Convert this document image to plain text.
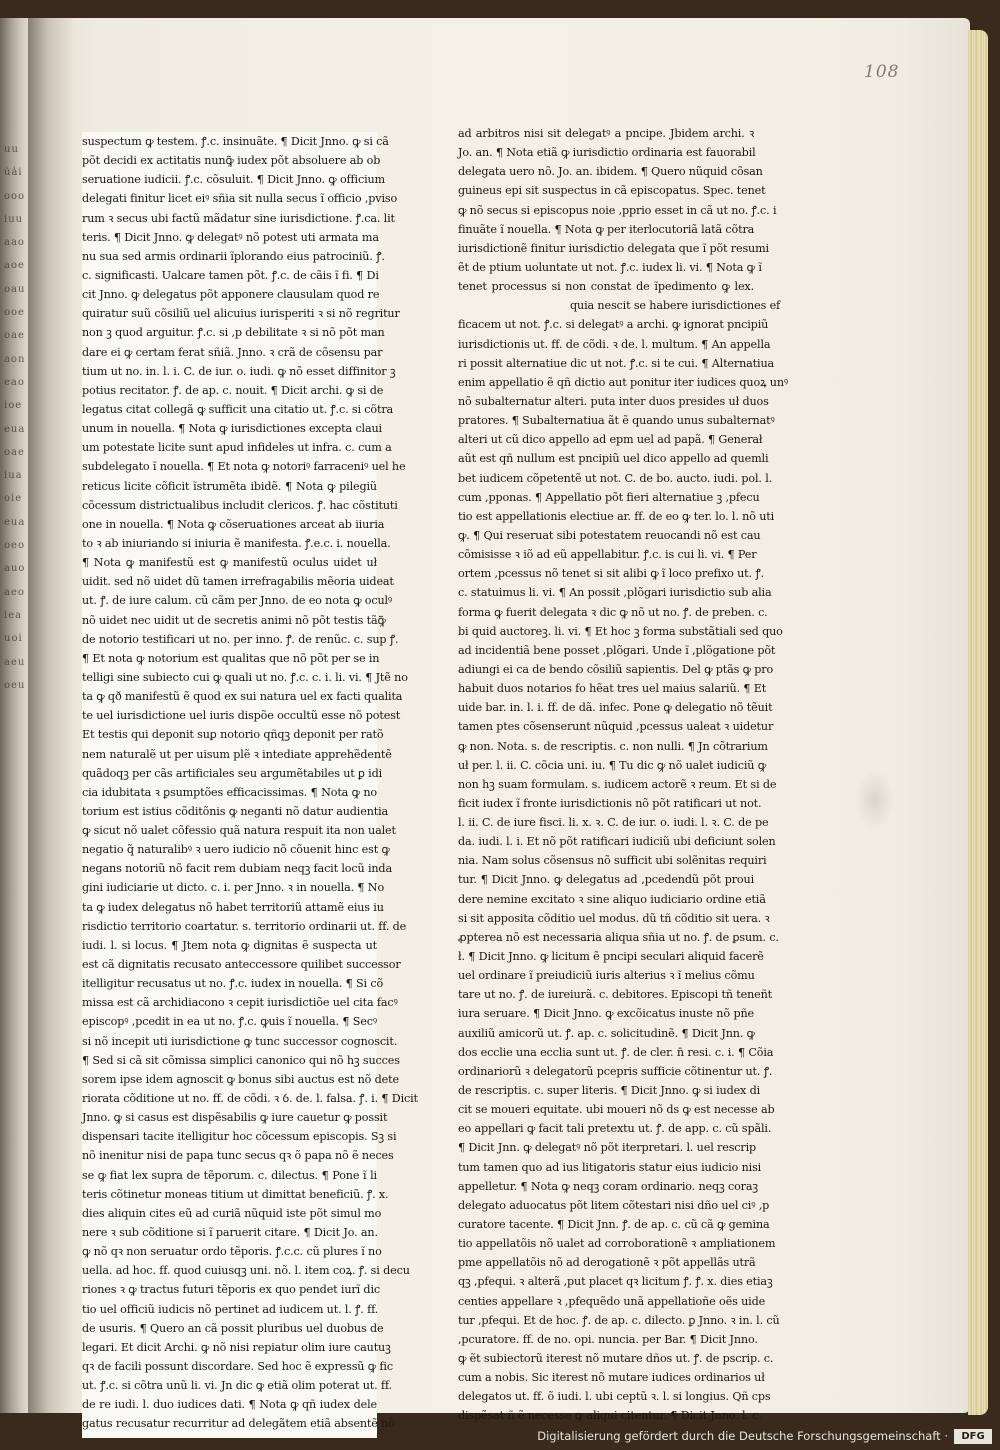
uuu̾a̾ioooiuuaaoaoeoauooeoaeaoneaoioeeuaoaeiuaoieeuaoeoauoaeoieauoiaeuoeu
108
suspectum ꝙ testem. ꝭ.c. insinuãte. ¶ Dicit Jnno. ꝙ si cã
põt decidi ex actitatis nunꝙ̃ iudex põt absoluere ab ob
seruatione iudicii. ꝭ.c. cõsuluit. ¶ Dicit Jnno. ꝙ officium
delegati finitur licet eiꝰ sñia sit nulla secus ĩ officio ,pviso
rum ꝛ secus ubi factũ mãdatur sine iurisdictione. ꝭ.ca. lit
teris. ¶ Dicit Jnno. ꝙ delegatꝰ nõ potest uti armata ma
nu sua sed armis ordinarii ĩplorando eius patrociniũ. ꝭ.
c. significasti. Ualcare tamen põt. ꝭ.c. de cãis ĩ fi. ¶ Di
cit Jnno. ꝙ delegatus põt apponere clausulam quod re
quiratur suũ cõsiliũ uel alicuius iurisperiti ꝛ si nõ regritur
non ꝫ quod arguitur. ꝭ.c. si ,p debilitate ꝛ si nõ põt man
dare ei ꝙ certam ferat sñiã. Jnno. ꝛ crã de cõsensu par
tium ut no. in. l. i. C. de iur. o. iudi. ꝙ nõ esset diffinitor ꝫ
potius recitator. ꝭ. de ap. c. nouit. ¶ Dicit archi. ꝙ si de
legatus citat collegã ꝙ sufficit una citatio ut. ꝭ.c. si cõtra
unum in nouella. ¶ Nota ꝙ iurisdictiones excepta claui
um potestate licite sunt apud infideles ut infra. c. cum a
subdelegato ĩ nouella. ¶ Et nota ꝙ notoriꝰ farraceniꝰ uel he
reticus licite cõficit ĩstrumẽta ibidẽ. ¶ Nota ꝙ pilegiũ
cõcessum districtualibus includit clericos. ꝭ. hac cõstituti
one in nouella. ¶ Nota ꝙ cõseruationes arceat ab iiuria
to ꝛ ab iniuriando si iniuria ẽ manifesta. ꝭ.e.c. i. nouella.
¶ Nota ꝙ manifestũ est ꝙ manifestũ oculus uidet uł
uidit. sed nõ uidet dũ tamen irrefragabilis mẽoria uideat
ut. ꝭ. de iure calum. cũ cãm per Jnno. de eo nota ꝙ oculꝰ
nõ uidet nec uidit ut de secretis animi nõ põt testis tãꝙ̃
de notorio testificari ut no. per inno. ꝭ. de renũc. c. sup ꝭ.
¶ Et nota ꝙ notorium est qualitas que nõ põt per se in
telligi sine subiecto cui ꝙ quali ut no. ꝭ.c. c. i. li. vi. ¶ Jtẽ no
ta ꝙ qð manifestũ ẽ quod ex sui natura uel ex facti qualita
te uel iurisdictione uel iuris dispõe occultũ esse nõ potest
Et testis qui deponit suꝑ notorio qñqꝫ deponit per ratõ
nem naturalẽ ut per uisum plẽ ꝛ intediate apprehẽdentẽ
quãdoqꝫ per cãs artificiales seu argumẽtabiles ut ꝑ idi
cia idubitata ꝛ ꝑsumptões efficacissimas. ¶ Nota ꝙ no
torium est istius cõditõnis ꝙ neganti nõ datur audientia
ꝙ sicut nõ ualet cõfessio quã natura respuit ita non ualet
negatio q̃ naturalibꝰ ꝛ uero iudicio nõ cõuenit hinc est ꝙ
negans notoriũ nõ facit rem dubiam neqꝫ facit locũ inda
gini iudiciarie ut dicto. c. i. per Jnno. ꝛ in nouella. ¶ No
ta ꝙ iudex delegatus nõ habet territoriũ attamẽ eius iu
risdictio territorio coartatur. s. territorio ordinarii ut. ff. de
iudi. l. si locus. ¶ Jtem nota ꝙ dignitas ẽ suspecta ut
est cã dignitatis recusato anteccessore quilibet successor
itelligitur recusatus ut no. ꝭ.c. iudex in nouella. ¶ Si cõ
missa est cã archidiacono ꝛ cepit iurisdictiõe uel cita facꝰ
episcopꝰ ,pcedit in ea ut no. ꝭ.c. ꝙuis ĩ nouella. ¶ Secꝰ
si nõ incepit uti iurisdictione ꝙ tunc successor cognoscit.
¶ Sed si cã sit cõmissa simplici canonico qui nõ hꝫ succes
sorem ipse idem agnoscit ꝙ bonus sibi auctus est nõ dete
riorata cõditione ut no. ff. de cõdi. ꝛ ỽ. de. l. falsa. ꝭ. i. ¶ Dicit
Jnno. ꝙ si casus est dispẽsabilis ꝙ iure cauetur ꝙ possit
dispensari tacite itelligitur hoc cõcessum episcopis. Sꝫ si
nõ inenitur nisi de papa tunc secus qꝛ õ papa nõ ẽ neces
se ꝙ fiat lex supra de tẽporum. c. dilectus. ¶ Pone ĩ li
teris cõtinetur moneas titium ut dimittat beneficiũ. ꝭ. x.
dies aliquin cites eũ ad curiã nũquid iste põt simul mo
nere ꝛ sub cõditione si ĩ paruerit citare. ¶ Dicit Jo. an.
ꝙ nõ qꝛ non seruatur ordo tẽporis. ꝭ.c.c. cũ plures ĩ no
uella. ad hoc. ff. quod cuiusqꝫ uni. nõ. l. item coꝝ. ꝭ. si decu
riones ꝛ ꝙ tractus futuri tẽporis ex quo pendet iurĩ dic
tio uel officiũ iudicis nõ pertinet ad iudicem ut. l. ꝭ. ff.
de usuris. ¶ Quero an cã possit pluribus uel duobus de
legari. Et dicit Archi. ꝙ nõ nisi repiatur olim iure cautuꝫ
qꝛ de facili possunt discordare. Sed hoc ẽ expressũ ꝙ fic
ut. ꝭ.c. si cõtra unũ li. vi. Jn dic ꝙ etiã olim poterat ut. ff.
de re iudi. l. duo iudices dati. ¶ Nota ꝙ qñ iudex dele
gatus recusatur recurritur ad delegãtem etiã absentẽ nõ
ad arbitros nisi sit delegatꝰ a pncipe. Jbidem archi. ꝛ
Jo. an. ¶ Nota etiã ꝙ iurisdictio ordinaria est fauorabil
delegata uero nõ. Jo. an. ibidem. ¶ Quero nũquid cõsan
guineus epi sit suspectus in cã episcopatus. Spec. tenet
ꝙ nõ secus si episcopus noie ,pprio esset in cã ut no. ꝭ.c. i
finuãte ĩ nouella. ¶ Nota ꝙ per iterlocutoriã latã cõtra
iurisdictionẽ finitur iurisdictio delegata que ĩ põt resumi
ẽt de ptium uoluntate ut not. ꝭ.c. iudex li. vi. ¶ Nota ꝙ ĩ
tenet processus si non constat de ĩpedimento ꝙ lex.
quia nescit se habere iurisdictiones ef
ficacem ut not. ꝭ.c. si delegatꝰ a archi. ꝙ ignorat pncipiũ
iurisdictionis ut. ff. de cõdi. ꝛ de. l. multum. ¶ An appella
ri possit alternatiue dic ut not. ꝭ.c. si te cui. ¶ Alternatiua
enim appellatio ẽ qñ dictio aut ponitur iter iudices quoꝝ unꝰ
nõ subalternatur alteri. puta inter duos presides uł duos
pratores. ¶ Subalternatiua ãt ẽ quando unus subalternatꝰ
alteri ut cũ dico appello ad epm uel ad papã. ¶ Generał
aũt est qñ nullum est pncipiũ uel dico appello ad quemli
bet iudicem cõpetentẽ ut not. C. de bo. aucto. iudi. pol. l.
cum ,pponas. ¶ Appellatio põt fieri alternatiue ꝫ ,pfecu
tio est appellationis electiue ar. ff. de eo ꝙ ter. lo. l. nõ uti
ꝙ. ¶ Qui reseruat sibi potestatem reuocandi nõ est cau
cõmisisse ꝛ iõ ad eũ appellabitur. ꝭ.c. is cui li. vi. ¶ Per
ortem ,pcessus nõ tenet si sit alibi ꝙ ĩ loco prefixo ut. ꝭ.
c. statuimus li. vi. ¶ An possit ,plõgari iurisdictio sub alia
forma ꝙ fuerit delegata ꝛ dic ꝙ nõ ut no. ꝭ. de preben. c.
bi quid auctoreꝫ. li. vi. ¶ Et hoc ꝫ forma substãtiali sed quo
ad incidentiã bene posset ,plõgari. Unde ĩ ,plõgatione põt
adiungi ei ca de bendo cõsiliũ sapientis. Del ꝙ ptãs ꝙ pro
habuit duos notarios fo hẽat tres uel maius salariũ. ¶ Et
uide bar. in. l. i. ff. de dã. infec. Pone ꝙ delegatio nõ tẽuit
tamen ptes cõsenserunt nũquid ,pcessus ualeat ꝛ uidetur
ꝙ non. Nota. s. de rescriptis. c. non nulli. ¶ Jn cõtrarium
uł per. l. ii. C. cõcia uni. iu. ¶ Tu dic ꝙ nõ ualet iudiciũ ꝙ
non hꝫ suam formulam. s. iudicem actorẽ ꝛ reum. Et si de
ficit iudex ĩ fronte iurisdictionis nõ põt ratificari ut not.
l. ii. C. de iure fisci. li. x. ꝛ. C. de iur. o. iudi. l. ꝛ. C. de pe
da. iudi. l. i. Et nõ põt ratificari iudiciũ ubi deficiunt solen
nia. Nam solus cõsensus nõ sufficit ubi solẽnitas requiri
tur. ¶ Dicit Jnno. ꝙ delegatus ad ,pcedendũ põt proui
dere nemine excitato ꝛ sine aliquo iudiciario ordine etiã
si sit apposita cõditio uel modus. dũ tñ cõditio sit uera. ꝛ
ꝓpterea nõ est necessaria aliqua sñia ut no. ꝭ. de ꝑsum. c.
ł. ¶ Dicit Jnno. ꝙ licitum ẽ pncipi seculari aliquid facerẽ
uel ordinare ĩ preiudiciũ iuris alterius ꝛ ĩ melius cõmu
tare ut no. ꝭ. de iureiurã. c. debitores. Episcopi tñ teneñt
iura seruare. ¶ Dicit Jnno. ꝙ excõicatus inuste nõ pñe
auxiliũ amicorũ ut. ꝭ. ap. c. solicitudinẽ. ¶ Dicit Jnn. ꝙ
dos ecclie una ecclia sunt ut. ꝭ. de cler. n̄ resi. c. i. ¶ Cõia
ordinariorũ ꝛ delegatorũ pcepris sufficie cõtinentur ut. ꝭ.
de rescriptis. c. super literis. ¶ Dicit Jnno. ꝙ si iudex di
cit se moueri equitate. ubi moueri nõ ds ꝙ est necesse ab
eo appellari ꝙ facit tali pretextu ut. ꝭ. de app. c. cũ spãli.
¶ Dicit Jnn. ꝙ delegatꝰ nõ põt iterpretari. l. uel rescrip
tum tamen quo ad ius litigatoris statur eius iudicio nisi
appelletur. ¶ Nota ꝙ neqꝫ coram ordinario. neqꝫ coraꝫ
delegato aduocatus põt litem cõtestari nisi dño uel ciꝰ ,p
curatore tacente. ¶ Dicit Jnn. ꝭ. de ap. c. cũ cã ꝙ gemina
tio appellatõis nõ ualet ad corroborationẽ ꝛ ampliationem
pme appellatõis nõ ad derogationẽ ꝛ põt appellãs utrã
qꝫ ,pfequi. ꝛ alterã ,put placet qꝛ licitum ꝭ. ꝭ. x. dies etiaꝫ
centies appellare ꝛ ,pfequẽdo unã appellatioñe oẽs uide
tur ,pfequi. Et de hoc. ꝭ. de ap. c. dilecto. ꝑ Jnno. ꝛ in. l. cũ
,pcuratore. ff. de no. opi. nuncia. per Bar. ¶ Dicit Jnno.
ꝙ ẽt subiectorũ iterest nõ mutare dños ut. ꝭ. de pscrip. c.
cum a nobis. Sic iterest nõ mutare iudices ordinarios uł
delegatos ut. ff. õ iudi. l. ubi ceptũ ꝛ. l. si longius. Qñ cps
dispẽsat ñ ẽ necesse ꝙ aliqui citentur. ¶ Dicit Jnno. l. c.
Digitalisierung gefördert durch die Deutsche Forschungsgemeinschaft ·	DFG
